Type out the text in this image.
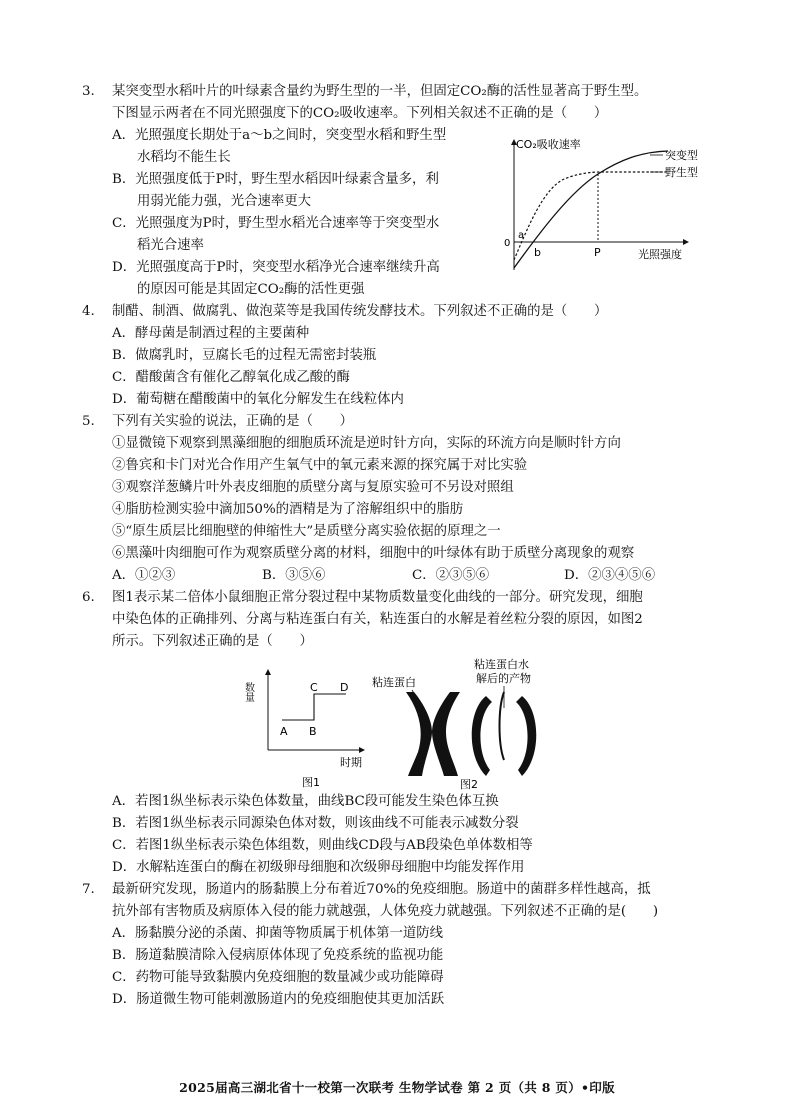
3. 某突变型水稻叶片的叶绿素含量约为野生型的一半，但固定CO₂酶的活性显著高于野生型。
下图显示两者在不同光照强度下的CO₂吸收速率。下列相关叙述不正确的是（　　）
A．光照强度长期处于a～b之间时，突变型水稻和野生型
水稻均不能生长
B．光照强度低于P时，野生型水稻因叶绿素含量多，利
用弱光能力强，光合速率更大
C．光照强度为P时，野生型水稻光合速率等于突变型水
稻光合速率
D．光照强度高于P时，突变型水稻净光合速率继续升高
的原因可能是其固定CO₂酶的活性更强
CO₂吸收速率
光照强度
0
a
b	P
突变型
野生型
4. 制醋、制酒、做腐乳、做泡菜等是我国传统发酵技术。下列叙述不正确的是（　　）
A．酵母菌是制酒过程的主要菌种
B．做腐乳时，豆腐长毛的过程无需密封装瓶
C．醋酸菌含有催化乙醇氧化成乙酸的酶
D．葡萄糖在醋酸菌中的氧化分解发生在线粒体内
5. 下列有关实验的说法，正确的是（　　）
①显微镜下观察到黑藻细胞的细胞质环流是逆时针方向，实际的环流方向是顺时针方向
②鲁宾和卡门对光合作用产生氧气中的氧元素来源的探究属于对比实验
③观察洋葱鳞片叶外表皮细胞的质壁分离与复原实验可不另设对照组
④脂肪检测实验中滴加50%的酒精是为了溶解组织中的脂肪
⑤“原生质层比细胞壁的伸缩性大”是质壁分离实验依据的原理之一
⑥黑藻叶肉细胞可作为观察质壁分离的材料，细胞中的叶绿体有助于质壁分离现象的观察
A．①②③	B．③⑤⑥	C．②③⑤⑥	D．②③④⑤⑥
6. 图1表示某二倍体小鼠细胞正常分裂过程中某物质数量变化曲线的一部分。研究发现，细胞
中染色体的正确排列、分离与粘连蛋白有关，粘连蛋白的水解是着丝粒分裂的原因，如图2
所示。下列叙述正确的是（　　）
数量
时期
A B
C D
图1
粘连蛋白
粘连蛋白水
解后的产物
图2
A．若图1纵坐标表示染色体数量，曲线BC段可能发生染色体互换
B．若图1纵坐标表示同源染色体对数，则该曲线不可能表示减数分裂
C．若图1纵坐标表示染色体组数，则曲线CD段与AB段染色单体数相等
D．水解粘连蛋白的酶在初级卵母细胞和次级卵母细胞中均能发挥作用
7. 最新研究发现，肠道内的肠黏膜上分布着近70%的免疫细胞。肠道中的菌群多样性越高，抵
抗外部有害物质及病原体入侵的能力就越强，人体免疫力就越强。下列叙述不正确的是(　　)
A．肠黏膜分泌的杀菌、抑菌等物质属于机体第一道防线
B．肠道黏膜清除入侵病原体体现了免疫系统的监视功能
C．药物可能导致黏膜内免疫细胞的数量减少或功能障碍
D．肠道微生物可能刺激肠道内的免疫细胞使其更加活跃
2025届高三湖北省十一校第一次联考 生物学试卷 第 2 页（共 8 页）•印版
